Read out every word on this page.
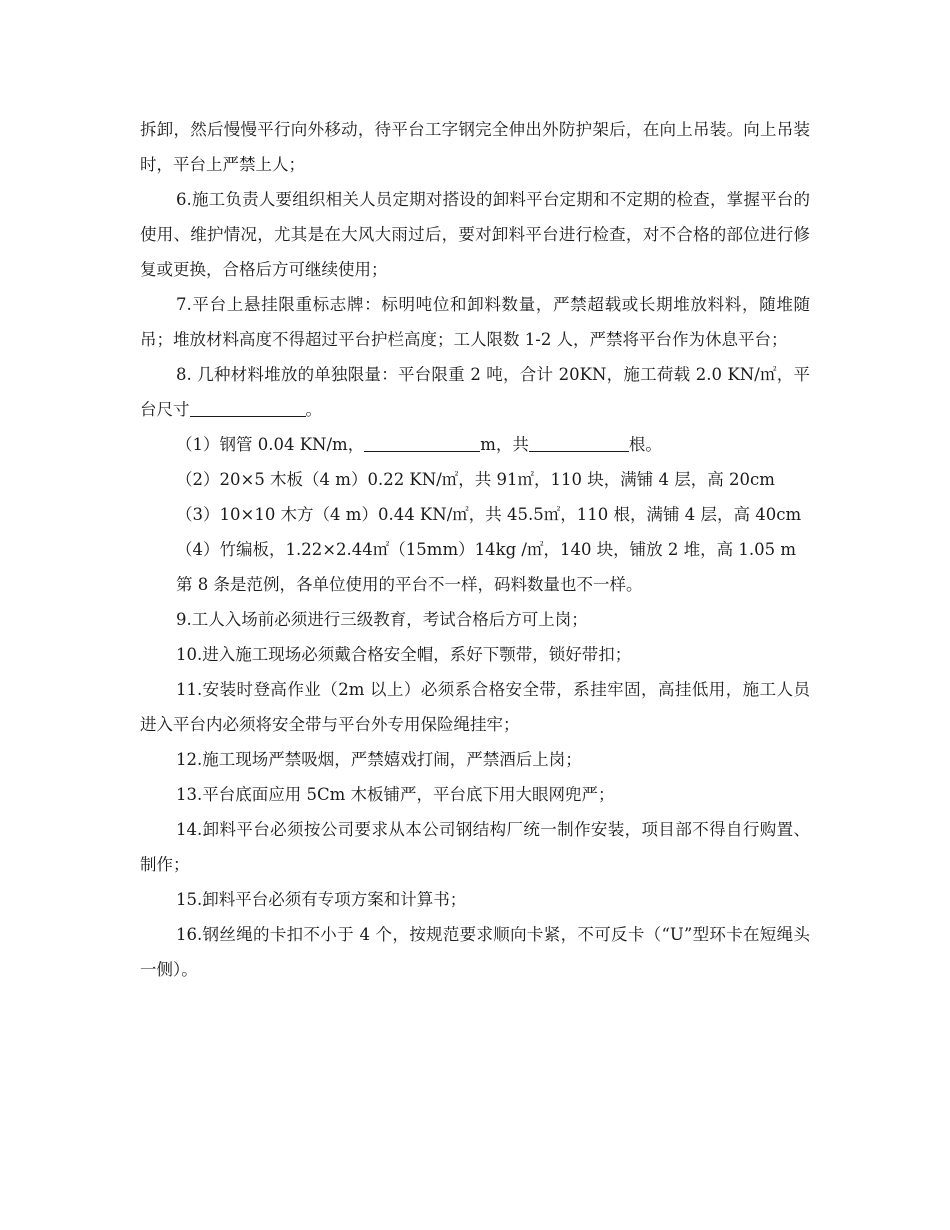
拆卸，然后慢慢平行向外移动，待平台工字钢完全伸出外防护架后，在向上吊装。向上吊装时，平台上严禁上人；

6.施工负责人要组织相关人员定期对搭设的卸料平台定期和不定期的检查，掌握平台的使用、维护情况，尤其是在大风大雨过后，要对卸料平台进行检查，对不合格的部位进行修复或更换，合格后方可继续使用；

7.平台上悬挂限重标志牌：标明吨位和卸料数量，严禁超载或长期堆放料料，随堆随吊；堆放材料高度不得超过平台护栏高度；工人限数 1-2 人，严禁将平台作为休息平台；

8. 几种材料堆放的单独限量：平台限重 2 吨，合计 20KN，施工荷载 2.0 KN/㎡，平台尺寸	。

（1）钢管 0.04 KN/m，	m，共	根。

（2）20×5 木板（4 m）0.22 KN/㎡，共 91㎡，110 块，满铺 4 层，高 20cm

（3）10×10 木方（4 m）0.44 KN/㎡，共 45.5㎡，110 根，满铺 4 层，高 40cm

（4）竹编板，1.22×2.44㎡（15mm）14kg /㎡，140 块，铺放 2 堆，高 1.05 m

第 8 条是范例，各单位使用的平台不一样，码料数量也不一样。

9.工人入场前必须进行三级教育，考试合格后方可上岗；

10.进入施工现场必须戴合格安全帽，系好下颚带，锁好带扣；

11.安装时登高作业（2m 以上）必须系合格安全带，系挂牢固，高挂低用，施工人员进入平台内必须将安全带与平台外专用保险绳挂牢；

12.施工现场严禁吸烟，严禁嬉戏打闹，严禁酒后上岗；

13.平台底面应用 5Cm 木板铺严，平台底下用大眼网兜严；

14.卸料平台必须按公司要求从本公司钢结构厂统一制作安装，项目部不得自行购置、制作；

15.卸料平台必须有专项方案和计算书；

16.钢丝绳的卡扣不小于 4 个，按规范要求顺向卡紧，不可反卡（“U”型环卡在短绳头一侧）。
